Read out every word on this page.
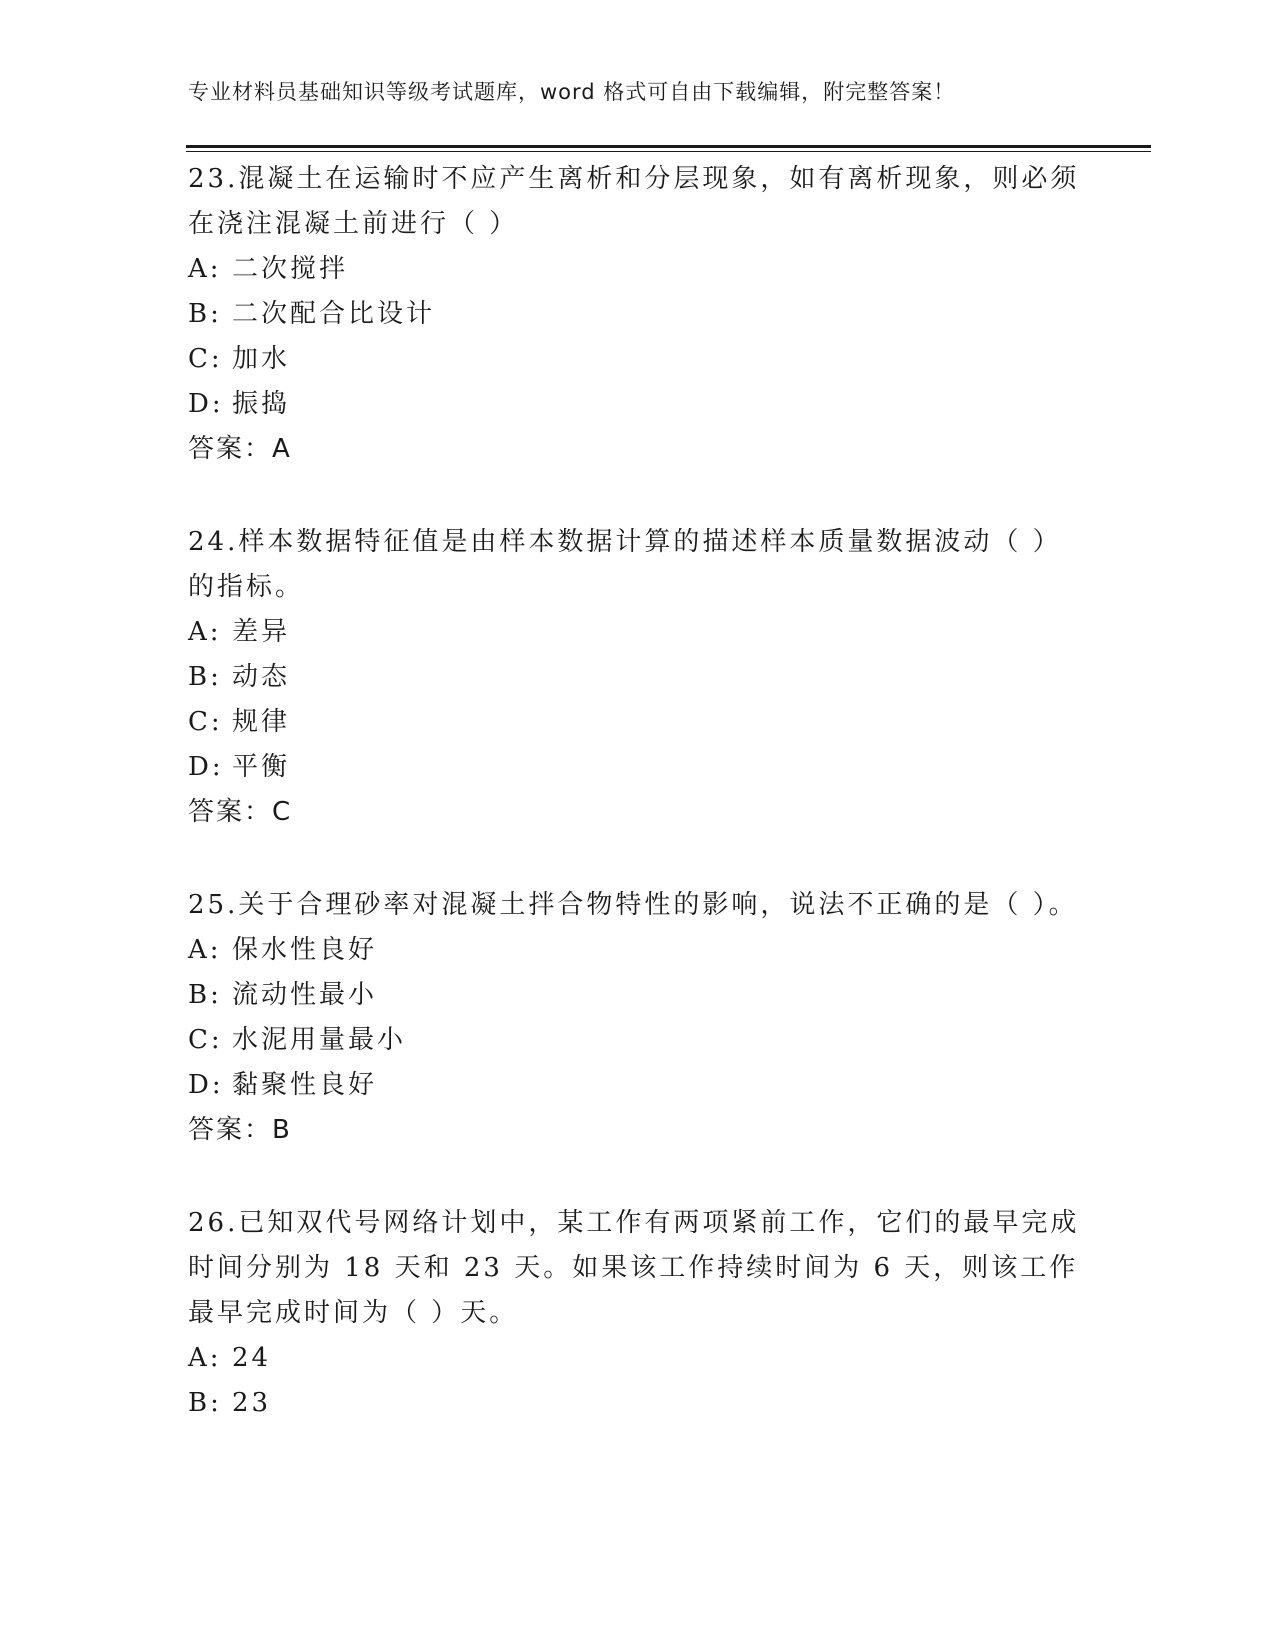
专业材料员基础知识等级考试题库，word 格式可自由下载编辑，附完整答案！

23.混凝土在运输时不应产生离析和分层现象，如有离析现象，则必须在浇注混凝土前进行（ ）

A: 二次搅拌

B: 二次配合比设计

C: 加水

D: 振捣

答案：A

24.样本数据特征值是由样本数据计算的描述样本质量数据波动（ ）的指标。

A: 差异

B: 动态

C: 规律

D: 平衡

答案：C

25.关于合理砂率对混凝土拌合物特性的影响，说法不正确的是（ ）。

A: 保水性良好

B: 流动性最小

C: 水泥用量最小

D: 黏聚性良好

答案：B

26.已知双代号网络计划中，某工作有两项紧前工作，它们的最早完成时间分别为 18 天和 23 天。如果该工作持续时间为 6 天，则该工作最早完成时间为（ ）天。

A: 24

B: 23
